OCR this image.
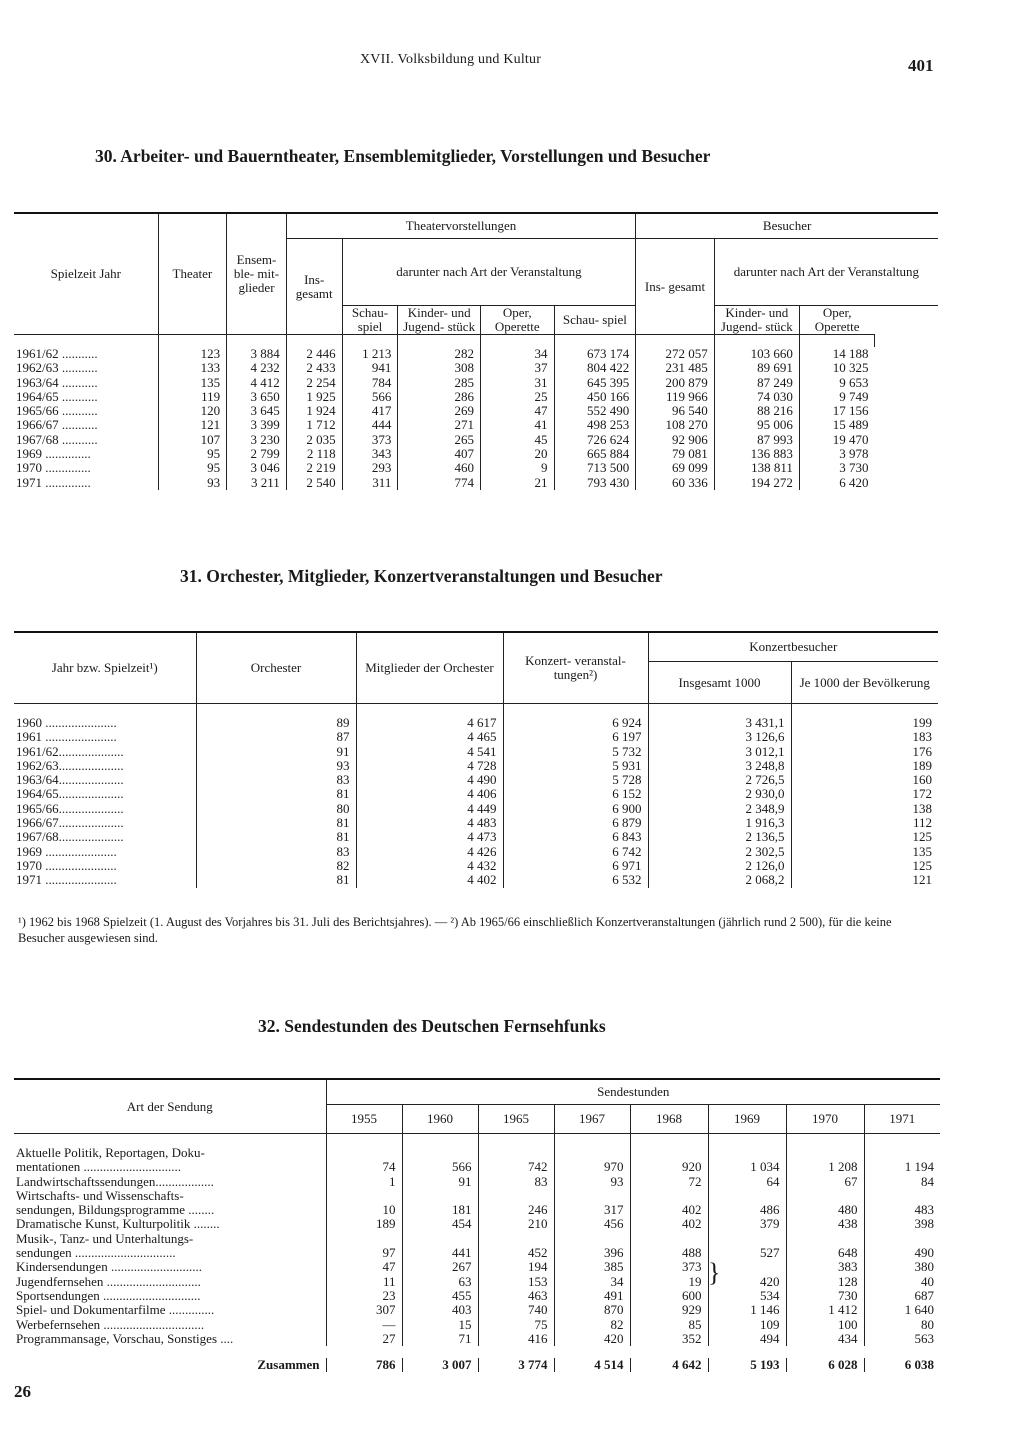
XVII. Volksbildung und Kultur	401
30. Arbeiter- und Bauerntheater, Ensemblemitglieder, Vorstellungen und Besucher
Spielzeit Jahr	Theater	Ensem- ble- mit- glieder	Theatervorstellungen					Besucher			
			Ins- gesamt	darunter nach Art der Veranstaltung				Ins- gesamt	darunter nach Art der Veranstaltung		
				Schau- spiel	Kinder- und Jugend- stück	Oper, Operette	Schau- spiel		Kinder- und Jugend- stück	Oper, Operette	

1961/62 ...........	123	3 884	2 446	1 213	282	34	673 174	272 057	103 660	14 188	
1962/63 ...........	133	4 232	2 433	941	308	37	804 422	231 485	89 691	10 325	
1963/64 ...........	135	4 412	2 254	784	285	31	645 395	200 879	87 249	9 653	
1964/65 ...........	119	3 650	1 925	566	286	25	450 166	119 966	74 030	9 749	
1965/66 ...........	120	3 645	1 924	417	269	47	552 490	96 540	88 216	17 156	
1966/67 ...........	121	3 399	1 712	444	271	41	498 253	108 270	95 006	15 489	
1967/68 ...........	107	3 230	2 035	373	265	45	726 624	92 906	87 993	19 470	
1969 ..............	95	2 799	2 118	343	407	20	665 884	79 081	136 883	3 978	
1970 ..............	95	3 046	2 219	293	460	9	713 500	69 099	138 811	3 730	
1971 ..............	93	3 211	2 540	311	774	21	793 430	60 336	194 272	6 420	
31. Orchester, Mitglieder, Konzertveranstaltungen und Besucher
Jahr bzw. Spielzeit¹)	Orchester	Mitglieder der Orchester	Konzert- veranstal- tungen²)	Konzertbesucher	
				Insgesamt 1000	Je 1000 der Bevölkerung

1960 ......................	89	4 617	6 924	3 431,1	199
1961 ......................	87	4 465	6 197	3 126,6	183
1961/62....................	91	4 541	5 732	3 012,1	176
1962/63....................	93	4 728	5 931	3 248,8	189
1963/64....................	83	4 490	5 728	2 726,5	160
1964/65....................	81	4 406	6 152	2 930,0	172
1965/66....................	80	4 449	6 900	2 348,9	138
1966/67....................	81	4 483	6 879	1 916,3	112
1967/68....................	81	4 473	6 843	2 136,5	125
1969 ......................	83	4 426	6 742	2 302,5	135
1970 ......................	82	4 432	6 971	2 126,0	125
1971 ......................	81	4 402	6 532	2 068,2	121
¹) 1962 bis 1968 Spielzeit (1. August des Vorjahres bis 31. Juli des Berichtsjahres). — ²) Ab 1965/66 einschließlich Konzertveranstaltungen (jährlich rund 2 500), für die keine Besucher ausgewiesen sind.
32. Sendestunden des Deutschen Fernsehfunks
Art der Sendung	Sendestunden							
	1955	1960	1965	1967	1968	1969	1970	1971

Aktuelle Politik, Reportagen, Doku-								
mentationen ..............................	74	566	742	970	920	1 034	1 208	1 194
Landwirtschaftssendungen..................	1	91	83	93	72	64	67	84
Wirtschafts- und Wissenschafts-								
sendungen, Bildungsprogramme ........	10	181	246	317	402	486	480	483
Dramatische Kunst, Kulturpolitik ........	189	454	210	456	402	379	438	398
Musik-, Tanz- und Unterhaltungs-								
sendungen ...............................	97	441	452	396	488	527	648	490
Kindersendungen ............................	47	267	194	385	373		383	380
Jugendfernsehen .............................	11	63	153	34	19	420	128	40
Sportsendungen ..............................	23	455	463	491	600	534	730	687
Spiel- und Dokumentarfilme ..............	307	403	740	870	929	1 146	1 412	1 640
Werbefernsehen ...............................	—	15	75	82	85	109	100	80
Programmansage, Vorschau, Sonstiges ....	27	71	416	420	352	494	434	563

Zusammen	786	3 007	3 774	4 514	4 642	5 193	6 028	6 038
}
26
